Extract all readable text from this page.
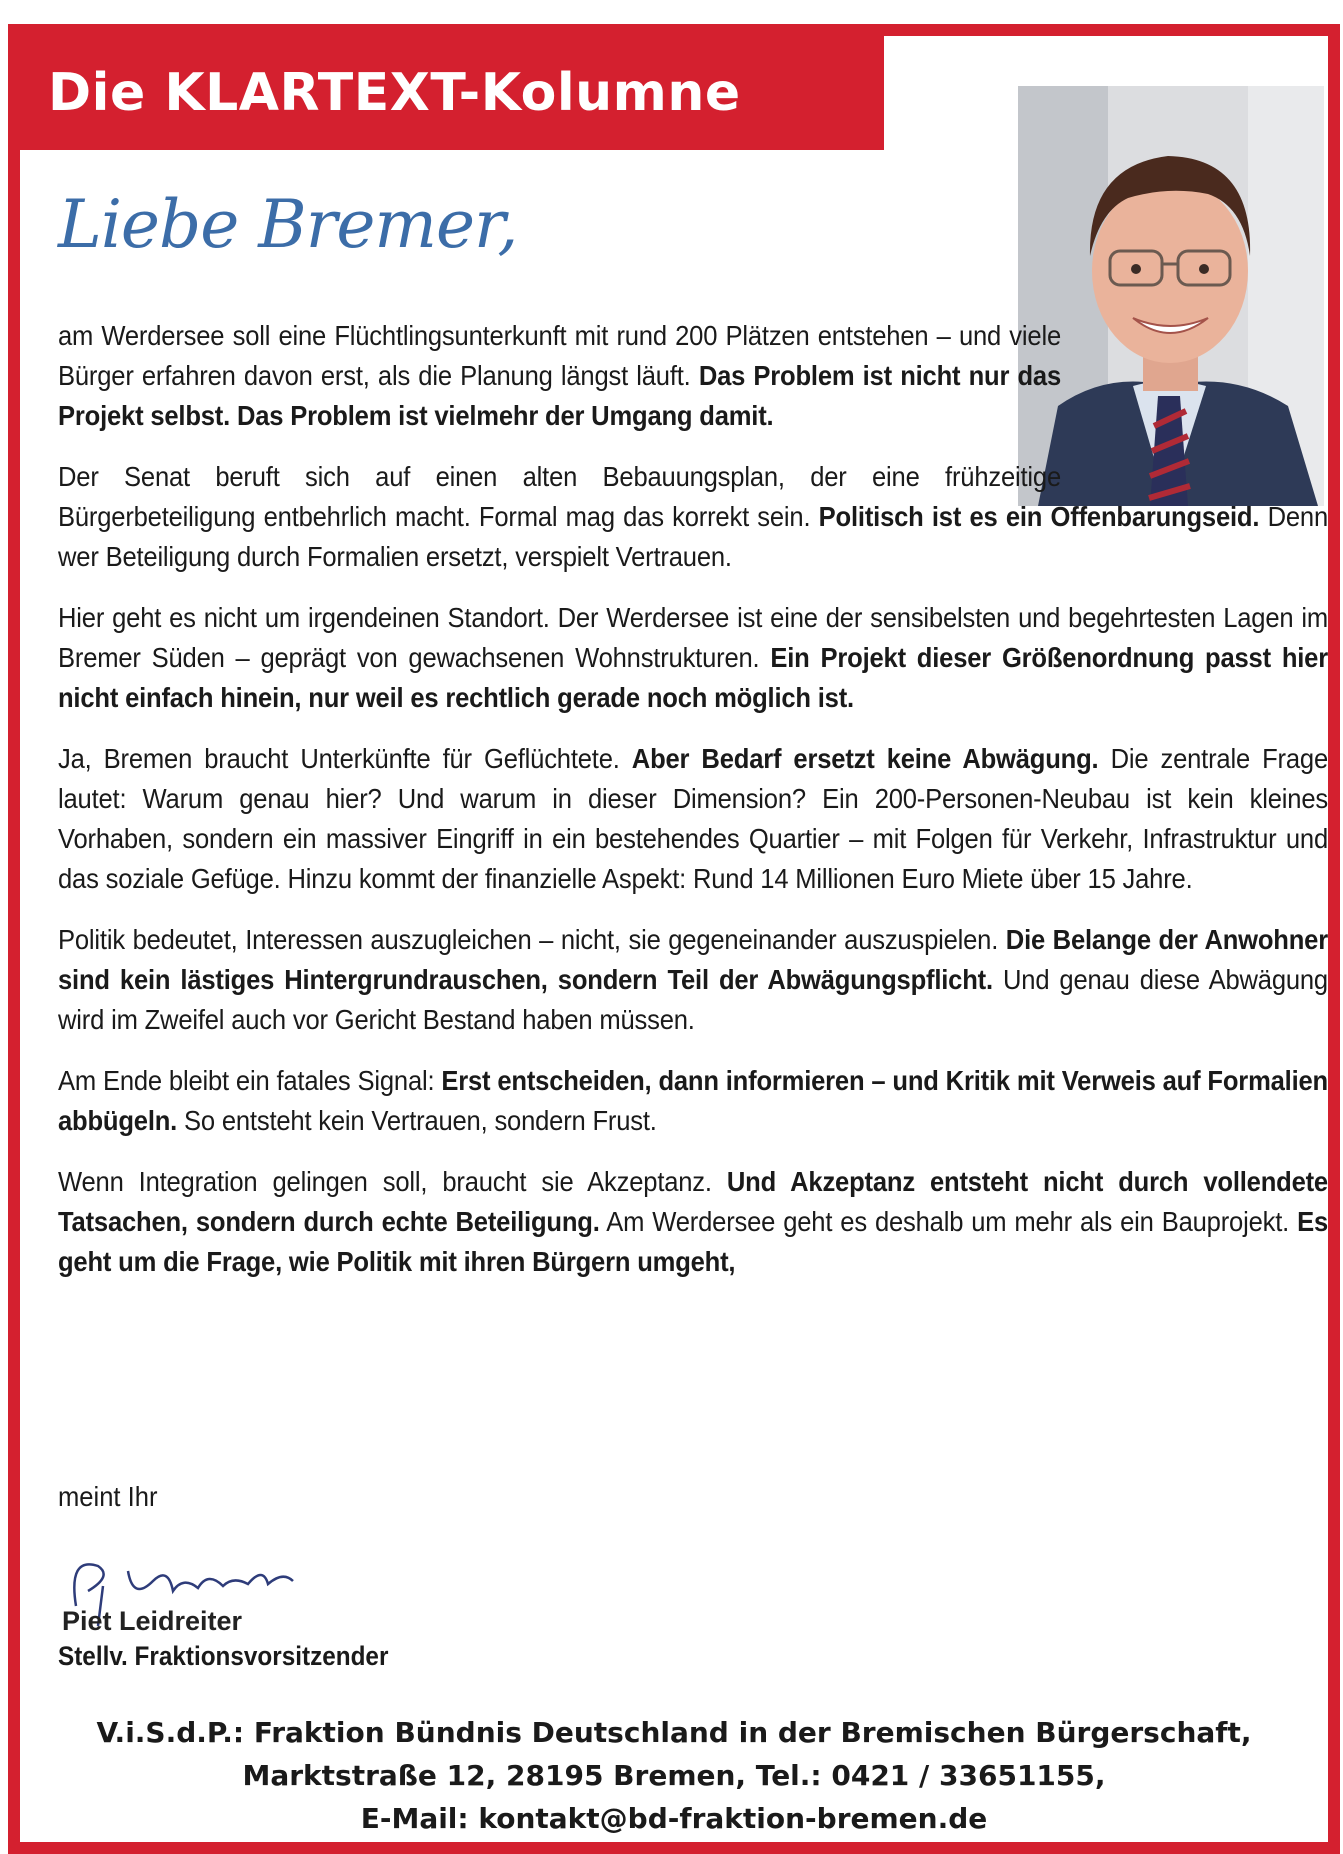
Die KLARTEXT-Kolumne
Liebe Bremer,

am Werdersee soll eine Flüchtlingsunterkunft mit rund 200 Plätzen entstehen – und viele Bürger erfahren davon erst, als die Planung längst läuft. Das Problem ist nicht nur das Projekt selbst. Das Problem ist vielmehr der Umgang damit.

Der Senat beruft sich auf einen alten Bebauungsplan, der eine frühzeitige Bürgerbeteiligung entbehrlich macht. Formal mag das korrekt sein. Politisch ist es ein Offenbarungseid. Denn wer Beteiligung durch Formalien ersetzt, verspielt Vertrauen.

Hier geht es nicht um irgendeinen Standort. Der Werdersee ist eine der sensibelsten und begehrtesten Lagen im Bremer Süden – geprägt von gewachsenen Wohnstrukturen. Ein Projekt dieser Größenordnung passt hier nicht einfach hinein, nur weil es rechtlich gerade noch möglich ist.

Ja, Bremen braucht Unterkünfte für Geflüchtete. Aber Bedarf ersetzt keine Abwägung. Die zentrale Frage lautet: Warum genau hier? Und warum in dieser Dimension? Ein 200-Personen-Neubau ist kein kleines Vorhaben, sondern ein massiver Eingriff in ein bestehendes Quartier – mit Folgen für Verkehr, Infrastruktur und das soziale Gefüge. Hinzu kommt der finanzielle Aspekt: Rund 14 Millionen Euro Miete über 15 Jahre.

Politik bedeutet, Interessen auszugleichen – nicht, sie gegeneinander auszuspielen. Die Belange der Anwohner sind kein lästiges Hintergrundrauschen, sondern Teil der Abwägungspflicht. Und genau diese Abwägung wird im Zweifel auch vor Gericht Bestand haben müssen.

Am Ende bleibt ein fatales Signal: Erst entscheiden, dann informieren – und Kritik mit Verweis auf Formalien abbügeln. So entsteht kein Vertrauen, sondern Frust.

Wenn Integration gelingen soll, braucht sie Akzeptanz. Und Akzeptanz entsteht nicht durch vollendete Tatsachen, sondern durch echte Beteiligung. Am Werdersee geht es deshalb um mehr als ein Bauprojekt. Es geht um die Frage, wie Politik mit ihren Bürgern umgeht,

meint Ihr
Piet Leidreiter
Stellv. Fraktionsvorsitzender
V.i.S.d.P.: Fraktion Bündnis Deutschland in der Bremischen Bürgerschaft,
Marktstraße 12, 28195 Bremen, Tel.: 0421 / 33651155,
E-Mail: kontakt@bd-fraktion-bremen.de
